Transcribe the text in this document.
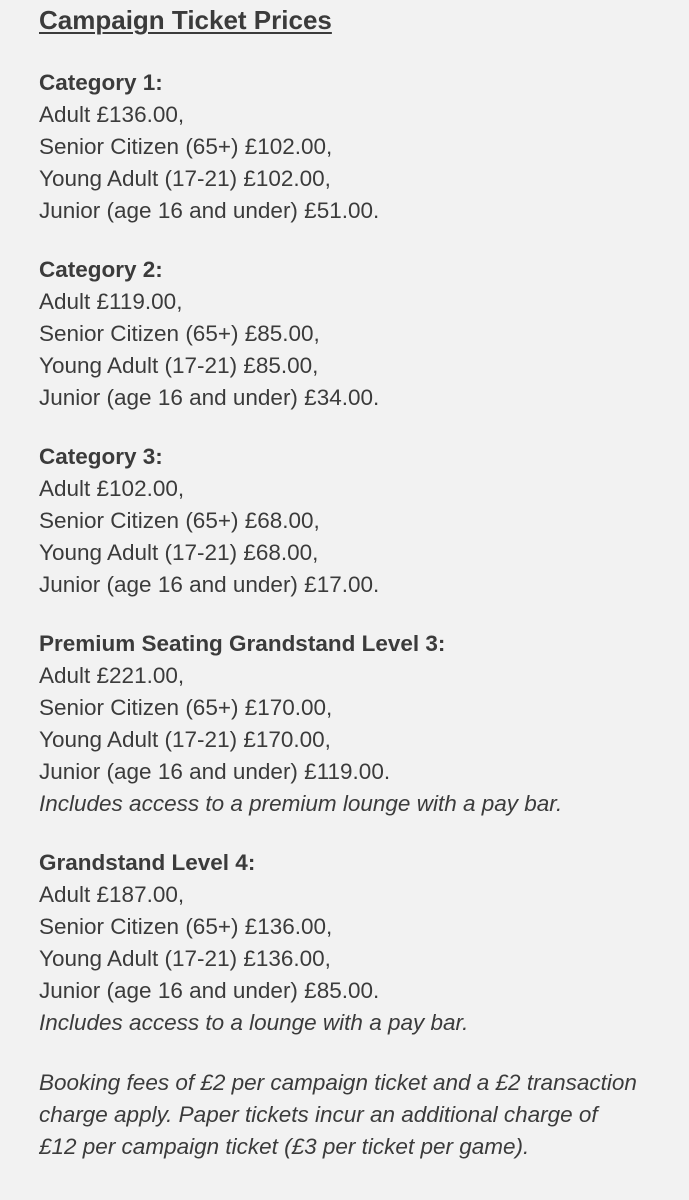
Campaign Ticket Prices
Category 1:
Adult £136.00,
Senior Citizen (65+) £102.00,
Young Adult (17-21) £102.00,
Junior (age 16 and under) £51.00.
Category 2:
Adult £119.00,
Senior Citizen (65+) £85.00,
Young Adult (17-21) £85.00,
Junior (age 16 and under) £34.00.
Category 3:
Adult £102.00,
Senior Citizen (65+) £68.00,
Young Adult (17-21) £68.00,
Junior (age 16 and under) £17.00.
Premium Seating Grandstand Level 3:
Adult £221.00,
Senior Citizen (65+) £170.00,
Young Adult (17-21) £170.00,
Junior (age 16 and under) £119.00.
Includes access to a premium lounge with a pay bar.
Grandstand Level 4:
Adult £187.00,
Senior Citizen (65+) £136.00,
Young Adult (17-21) £136.00,
Junior (age 16 and under) £85.00.
Includes access to a lounge with a pay bar.

Booking fees of £2 per campaign ticket and a £2 transaction charge apply. Paper tickets incur an additional charge of £12 per campaign ticket (£3 per ticket per game).
